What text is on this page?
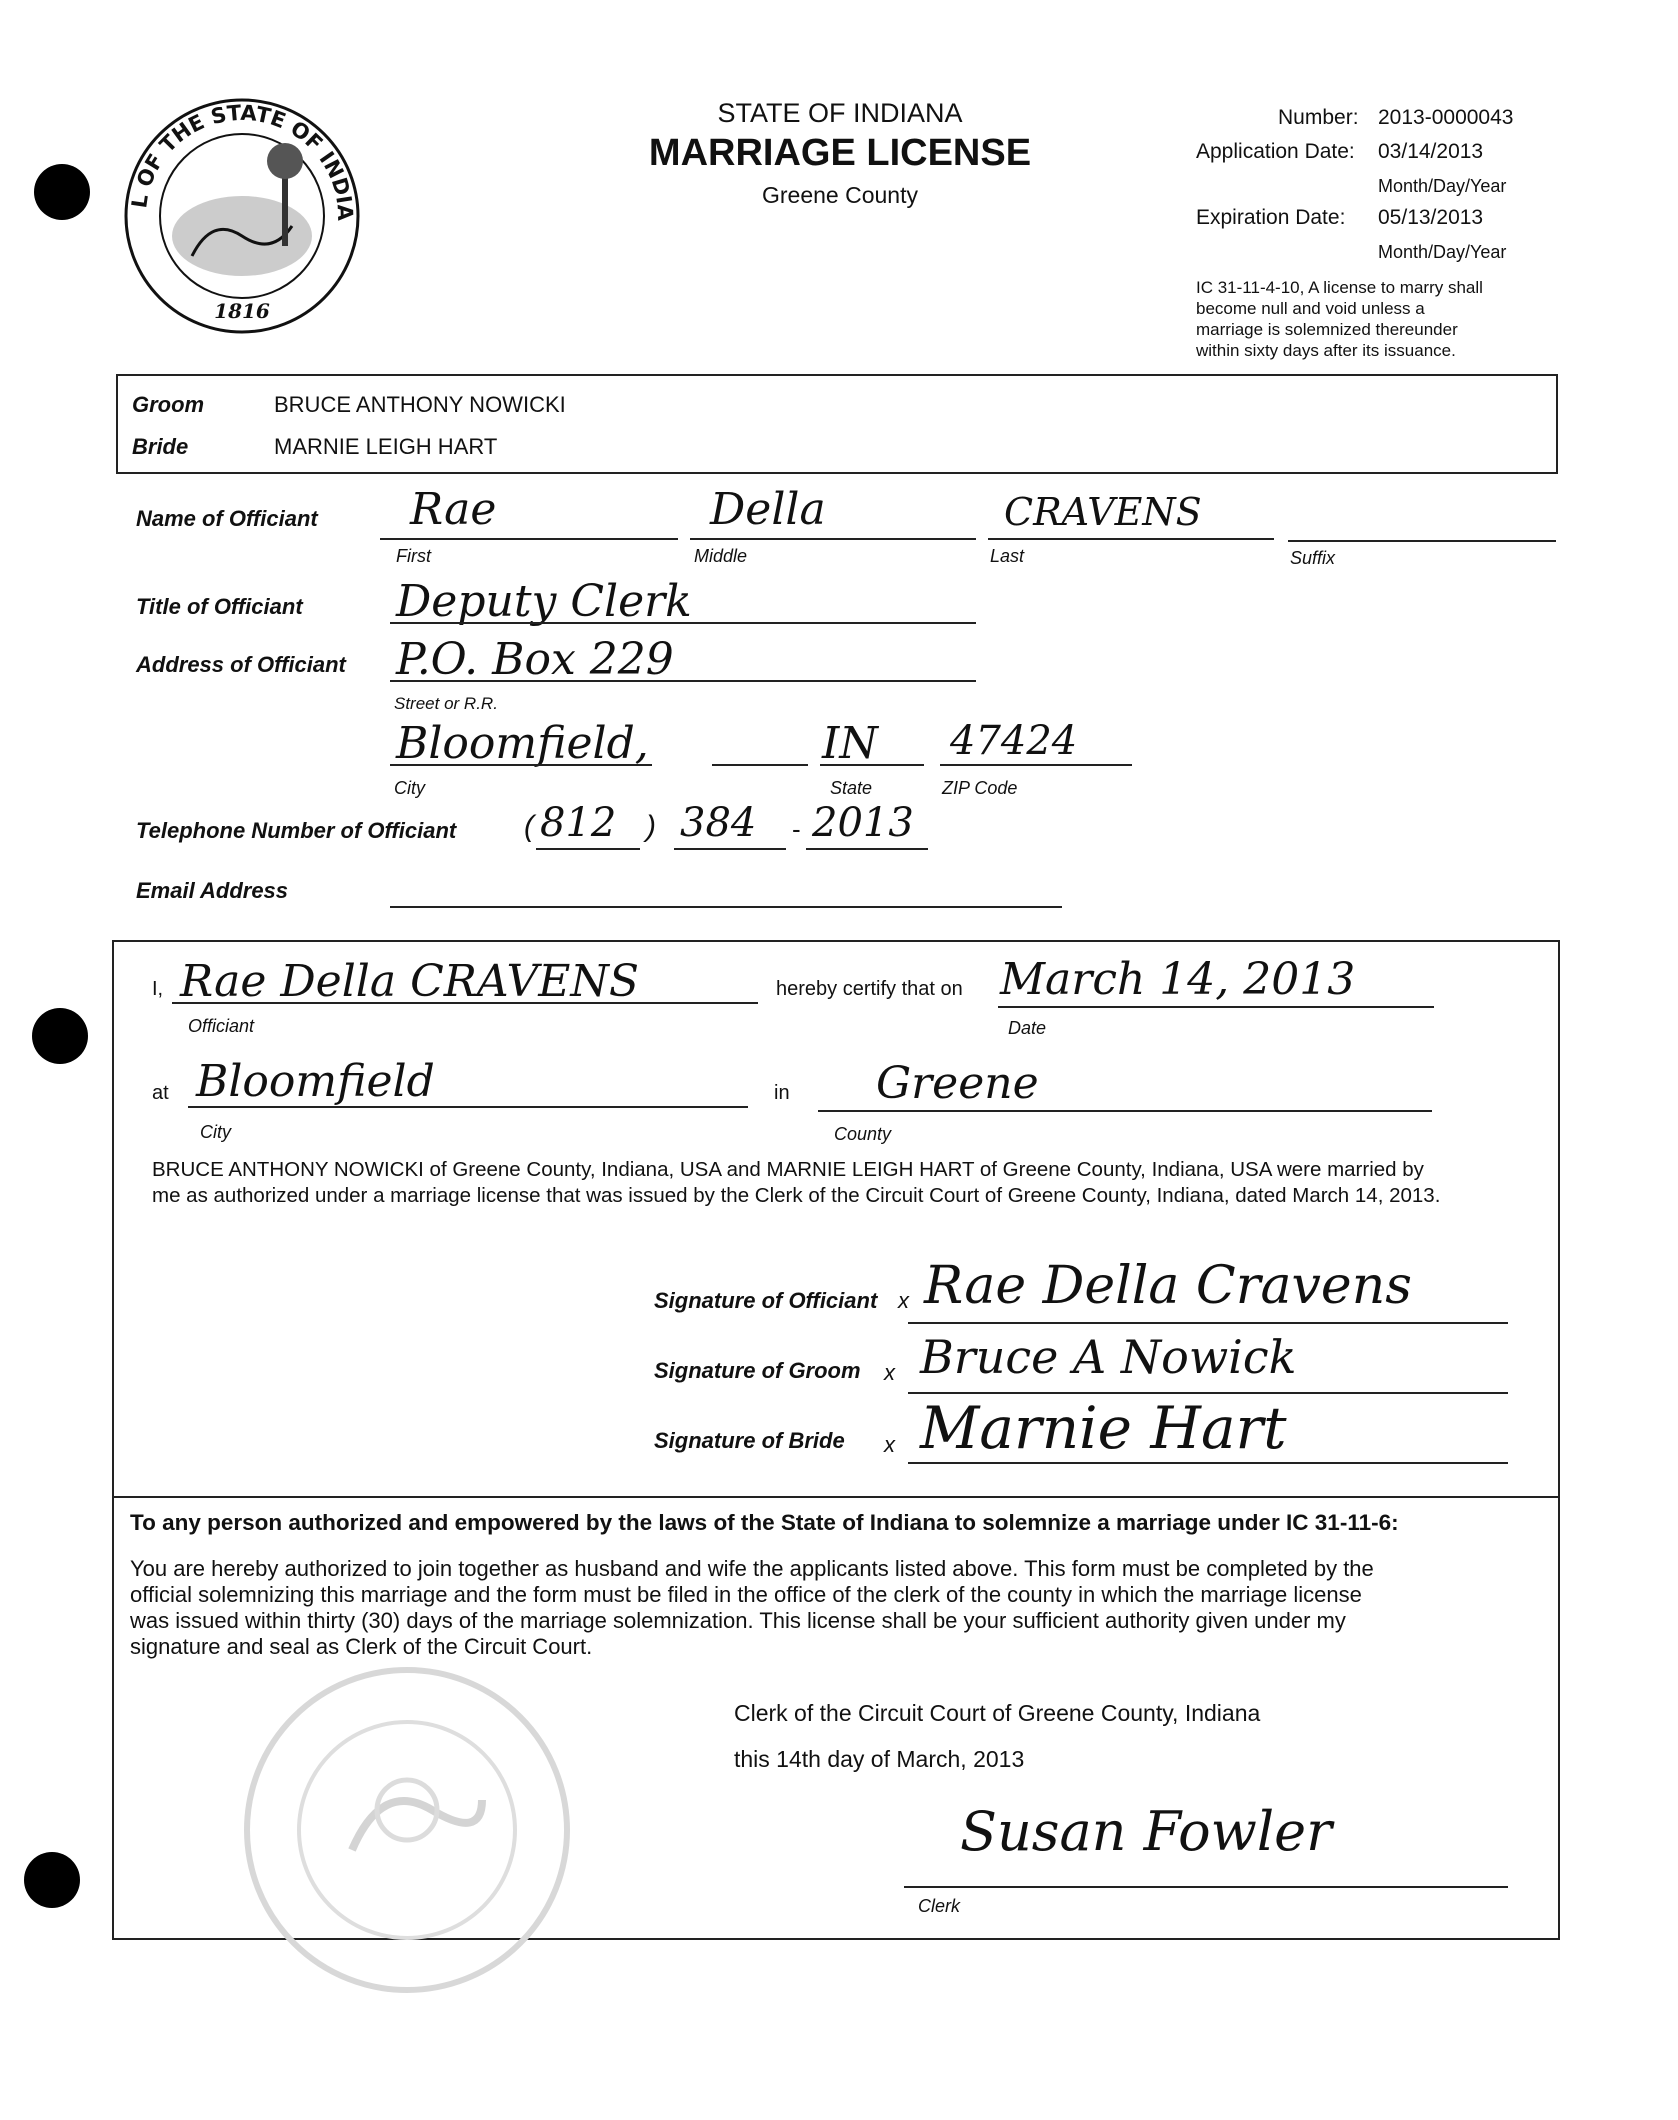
L OF THE STATE OF INDIA
1816
STATE OF INDIANA
MARRIAGE LICENSE
Greene County
Number: 2013-0000043
Application Date: 03/14/2013
Month/Day/Year
Expiration Date: 05/13/2013
Month/Day/Year
IC 31-11-4-10, A license to marry shall
become null and void unless a
marriage is solemnized thereunder
within sixty days after its issuance.
Groom	BRUCE ANTHONY NOWICKI
Bride	MARNIE LEIGH HART
Name of Officiant Rae	Della	CRAVENS
First	Middle	Last	Suffix
Title of Officiant Deputy Clerk
Address of Officiant P.O. Box 229
Street or R.R.
Bloomfield,	IN 47424
City	State	ZIP Code
Telephone Number of Officiant ( 812 ) 384 - 2013
Email Address
I, Rae Della CRAVENS
Officiant
hereby certify that on March 14, 2013
Date
at Bloomfield
City
in Greene
County
BRUCE ANTHONY NOWICKI of Greene County, Indiana, USA and MARNIE LEIGH HART of Greene County, Indiana, USA were married by
me as authorized under a marriage license that was issued by the Clerk of the Circuit Court of Greene County, Indiana, dated March 14, 2013.
Signature of Officiant x Rae Della Cravens
Signature of Groom x Bruce A Nowick
Signature of Bride x Marnie Hart
To any person authorized and empowered by the laws of the State of Indiana to solemnize a marriage under IC 31-11-6:
You are hereby authorized to join together as husband and wife the applicants listed above. This form must be completed by the
official solemnizing this marriage and the form must be filed in the office of the clerk of the county in which the marriage license
was issued within thirty (30) days of the marriage solemnization. This license shall be your sufficient authority given under my
signature and seal as Clerk of the Circuit Court.
Clerk of the Circuit Court of Greene County, Indiana
this 14th day of March, 2013
Susan Fowler
Clerk
